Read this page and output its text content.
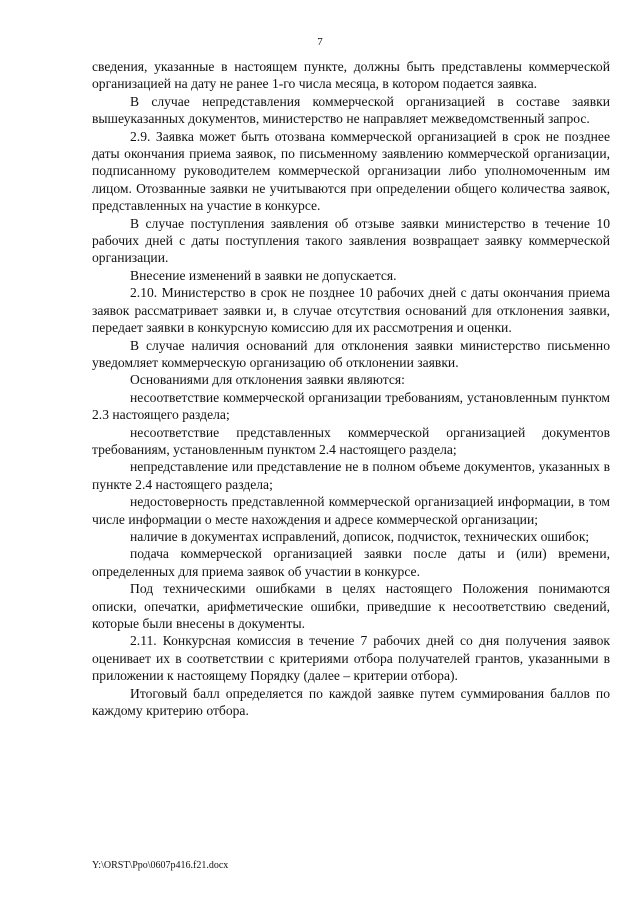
7

сведения, указанные в настоящем пункте, должны быть представлены коммерческой организацией на дату не ранее 1-го числа месяца, в котором подается заявка.

В случае непредставления коммерческой организацией в составе заявки вышеуказанных документов, министерство не направляет межведомственный запрос.

2.9. Заявка может быть отозвана коммерческой организацией в срок не позднее даты окончания приема заявок, по письменному заявлению коммерческой организации, подписанному руководителем коммерческой организации либо уполномоченным им лицом. Отозванные заявки не учитываются при определении общего количества заявок, представленных на участие в конкурсе.

В случае поступления заявления об отзыве заявки министерство в течение 10 рабочих дней с даты поступления такого заявления возвращает заявку коммерческой организации.

Внесение изменений в заявки не допускается.

2.10. Министерство в срок не позднее 10 рабочих дней с даты окончания приема заявок рассматривает заявки и, в случае отсутствия оснований для отклонения заявки, передает заявки в конкурсную комиссию для их рассмотрения и оценки.

В случае наличия оснований для отклонения заявки министерство письменно уведомляет коммерческую организацию об отклонении заявки.

Основаниями для отклонения заявки являются:

несоответствие коммерческой организации требованиям, установленным пунктом 2.3 настоящего раздела;

несоответствие представленных коммерческой организацией документов требованиям, установленным пунктом 2.4 настоящего раздела;

непредставление или представление не в полном объеме документов, указанных в пункте 2.4 настоящего раздела;

недостоверность представленной коммерческой организацией информации, в том числе информации о месте нахождения и адресе коммерческой организации;

наличие в документах исправлений, дописок, подчисток, технических ошибок;

подача коммерческой организацией заявки после даты и (или) времени, определенных для приема заявок об участии в конкурсе.

Под техническими ошибками в целях настоящего Положения понимаются описки, опечатки, арифметические ошибки, приведшие к несоответствию сведений, которые были внесены в документы.

2.11. Конкурсная комиссия в течение 7 рабочих дней со дня получения заявок оценивает их в соответствии с критериями отбора получателей грантов, указанными в приложении к настоящему Порядку (далее – критерии отбора).

Итоговый балл определяется по каждой заявке путем суммирования баллов по каждому критерию отбора.

Y:\ORST\Ppo\0607p416.f21.docx
